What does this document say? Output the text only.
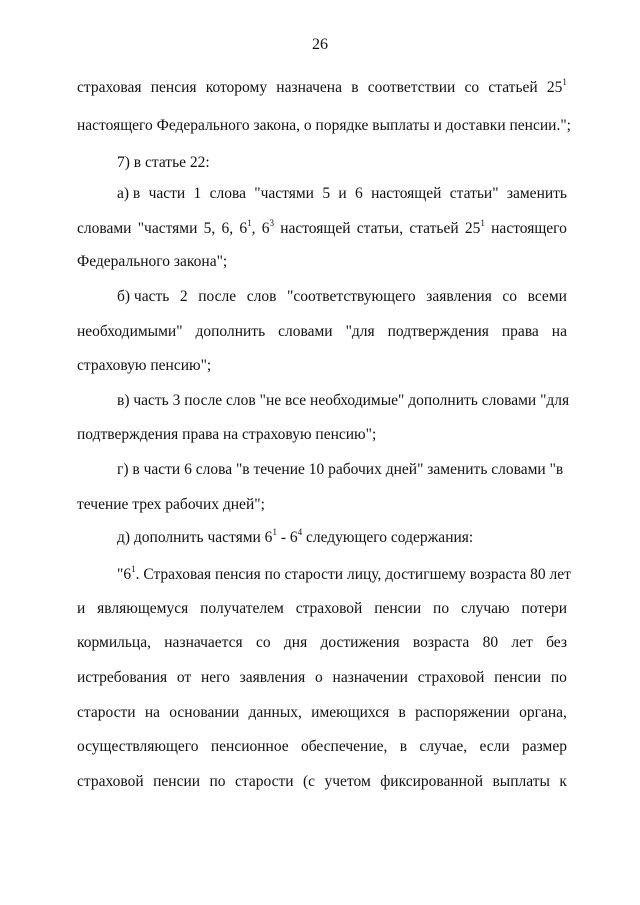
26
страховая пенсия которому назначена в соответствии со статьей $25^1$
настоящего Федерального закона, о порядке выплаты и доставки пенсии.";
7) в статье 22:
а) в части 1 слова "частями 5 и 6 настоящей статьи" заменить
словами "частями 5, 6, $6^1$, $6^3$ настоящей статьи, статьей $25^1$ настоящего
Федерального закона";
б) часть 2 после слов "соответствующего заявления со всеми
необходимыми" дополнить словами "для подтверждения права на
страховую пенсию";
в) часть 3 после слов "не все необходимые" дополнить словами "для
подтверждения права на страховую пенсию";
г) в части 6 слова "в течение 10 рабочих дней" заменить словами "в
течение трех рабочих дней";
д) дополнить частями $6^1 - 6^4$ следующего содержания:
"$6^1$. Страховая пенсия по старости лицу, достигшему возраста 80 лет
и являющемуся получателем страховой пенсии по случаю потери
кормильца, назначается со дня достижения возраста 80 лет без
истребования от него заявления о назначении страховой пенсии по
старости на основании данных, имеющихся в распоряжении органа,
осуществляющего пенсионное обеспечение, в случае, если размер
страховой пенсии по старости (с учетом фиксированной выплаты к
